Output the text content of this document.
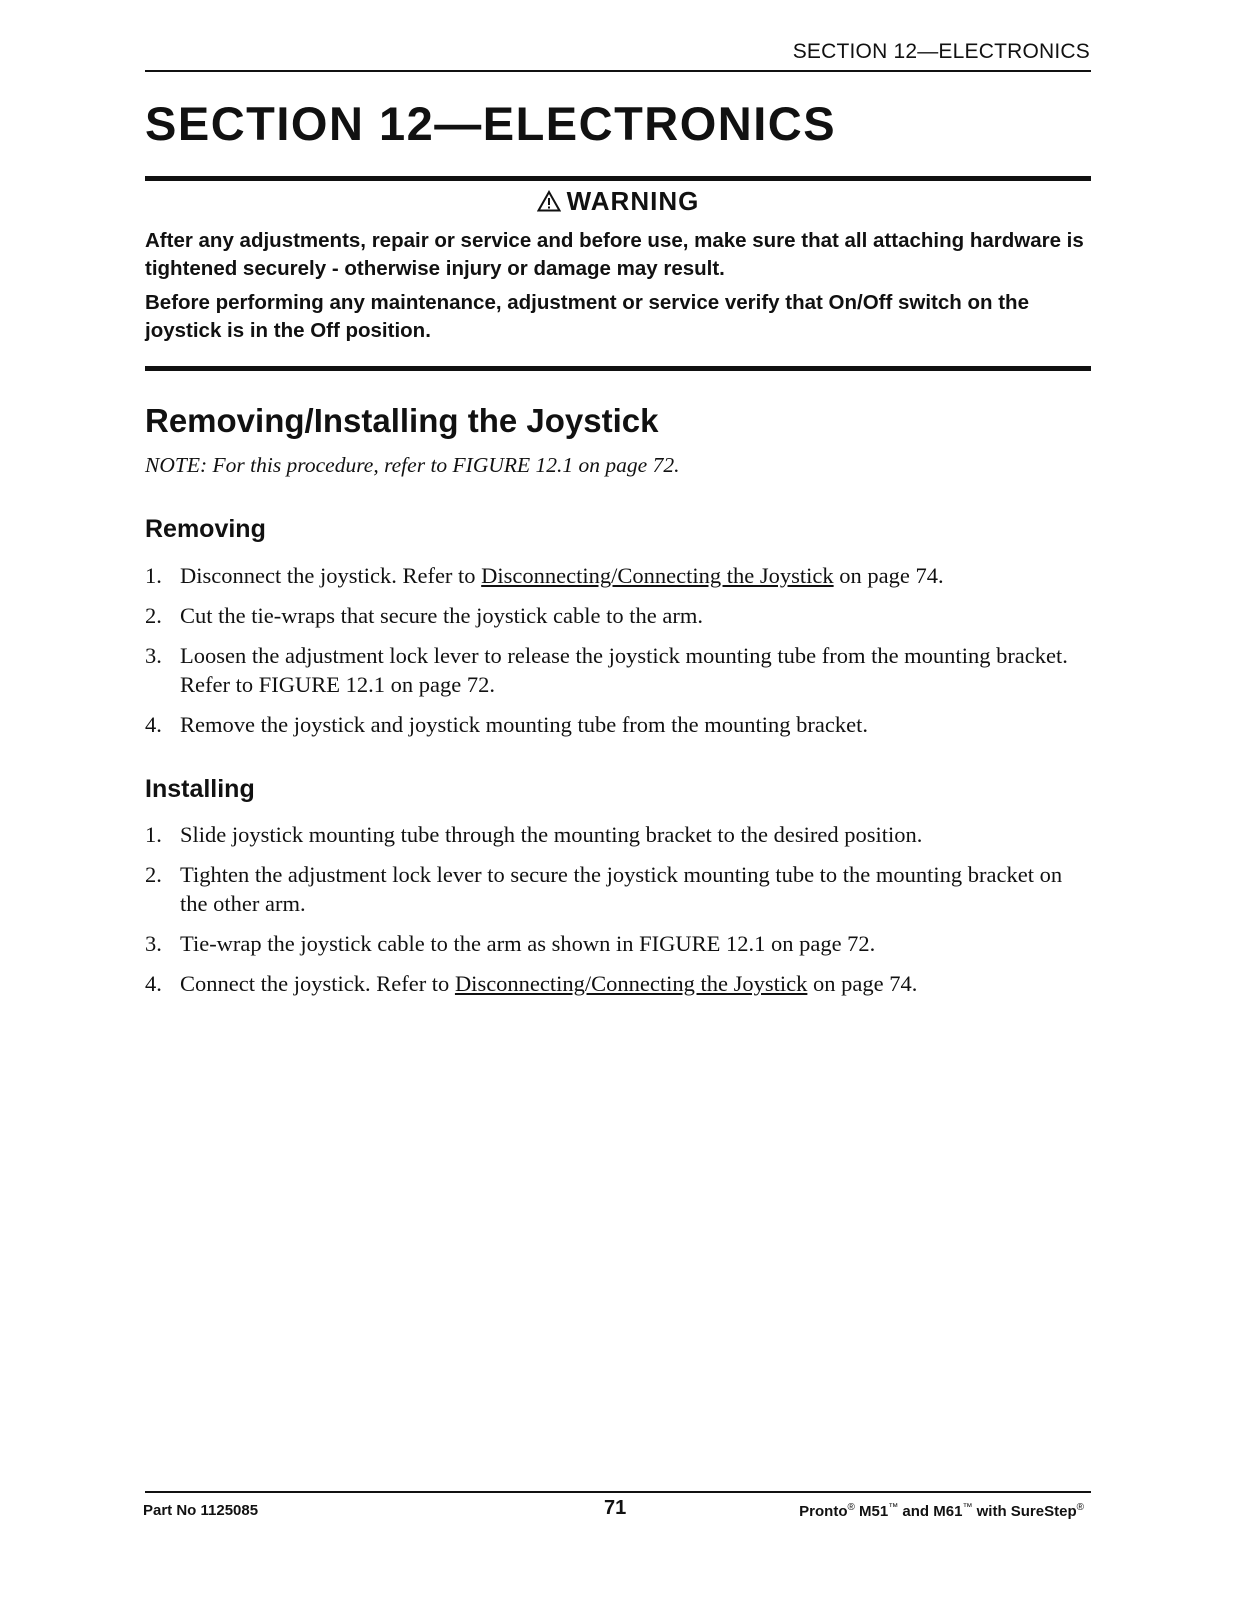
SECTION 12—ELECTRONICS
SECTION 12—ELECTRONICS
WARNING

After any adjustments, repair or service and before use, make sure that all attaching hardware is tightened securely - otherwise injury or damage may result.

Before performing any maintenance, adjustment or service verify that On/Off switch on the joystick is in the Off position.

Removing/Installing the Joystick

NOTE: For this procedure, refer to FIGURE 12.1 on page 72.

Removing
1. Disconnect the joystick. Refer to Disconnecting/Connecting the Joystick on page 74.
2. Cut the tie-wraps that secure the joystick cable to the arm.
3. Loosen the adjustment lock lever to release the joystick mounting tube from the mounting bracket. Refer to FIGURE 12.1 on page 72.
4. Remove the joystick and joystick mounting tube from the mounting bracket.
Installing
1. Slide joystick mounting tube through the mounting bracket to the desired position.
2. Tighten the adjustment lock lever to secure the joystick mounting tube to the mounting bracket on the other arm.
3. Tie-wrap the joystick cable to the arm as shown in FIGURE 12.1 on page 72.
4. Connect the joystick. Refer to Disconnecting/Connecting the Joystick on page 74.
Part No 1125085	71	Pronto® M51™ and M61™ with SureStep®
